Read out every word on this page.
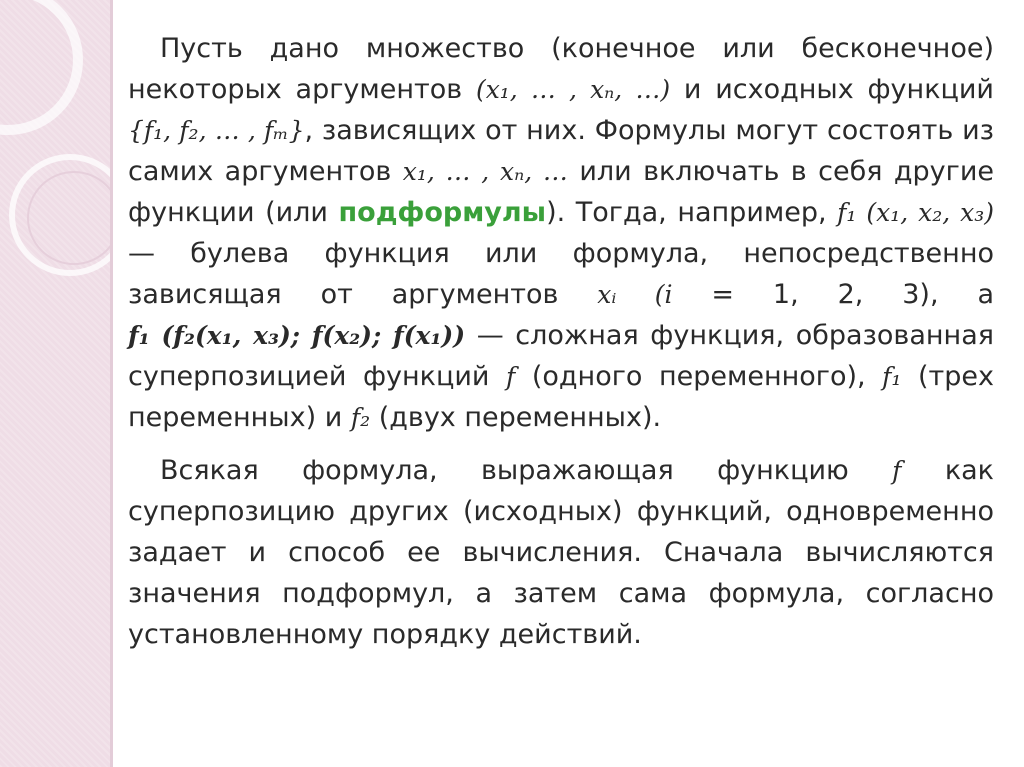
Пусть дано множество (конечное или бесконечное) некоторых аргументов (x₁, … , xₙ, …) и исходных функций {f₁, f₂, … , fₘ}, зависящих от них. Формулы могут состоять из самих аргументов x₁, … , xₙ, … или включать в себя другие функции (или подформулы). Тогда, например, f₁ (x₁, x₂, x₃) — булева функция или формула, непосредственно зависящая от аргументов xᵢ (i = 1, 2, 3), а f₁ (f₂(x₁, x₃); f(x₂); f(x₁)) — сложная функция, образованная суперпозицией функций f (одного переменного), f₁ (трех переменных) и f₂ (двух переменных).

Всякая формула, выражающая функцию f как суперпозицию других (исходных) функций, одновременно задает и способ ее вычисления. Сначала вычисляются значения подформул, а затем сама формула, согласно установленному порядку действий.
